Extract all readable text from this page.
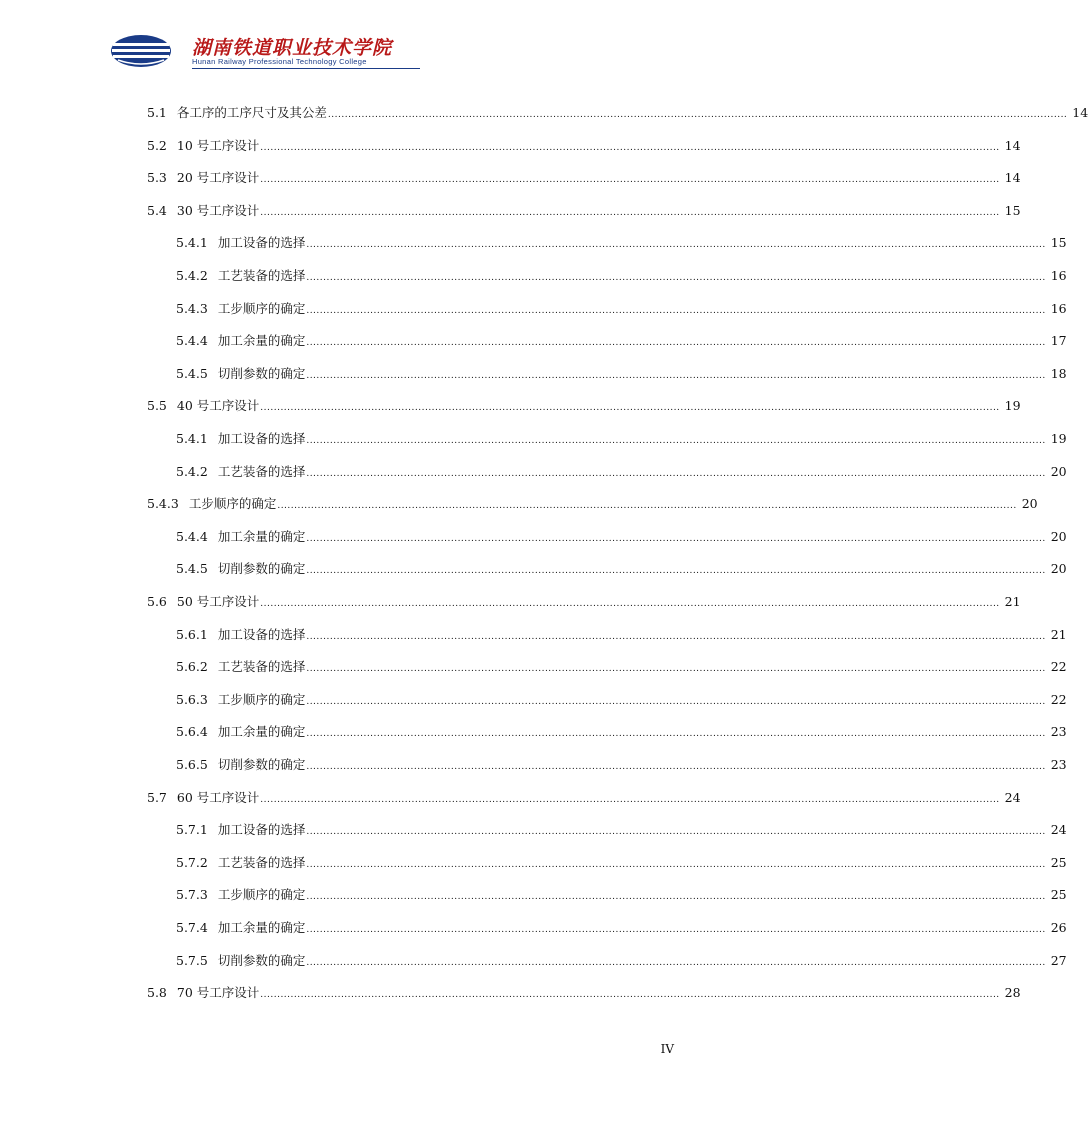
湖南铁道职业技术学院
Hunan Railway Professional Technology College
5.1 各工序的工序尺寸及其公差 ............................................................................................................................................................................................................................ 14
5.2 10 号工序设计 ............................................................................................................................................................................................................................ 14
5.3 20 号工序设计 ............................................................................................................................................................................................................................ 14
5.4 30 号工序设计 ............................................................................................................................................................................................................................ 15
5.4.1 加工设备的选择 ............................................................................................................................................................................................................................ 15
5.4.2 工艺装备的选择 ............................................................................................................................................................................................................................ 16
5.4.3 工步顺序的确定 ............................................................................................................................................................................................................................ 16
5.4.4 加工余量的确定 ............................................................................................................................................................................................................................ 17
5.4.5 切削参数的确定 ............................................................................................................................................................................................................................ 18
5.5 40 号工序设计 ............................................................................................................................................................................................................................ 19
5.4.1 加工设备的选择 ............................................................................................................................................................................................................................ 19
5.4.2 工艺装备的选择 ............................................................................................................................................................................................................................ 20
5.4.3 工步顺序的确定 ............................................................................................................................................................................................................................ 20
5.4.4 加工余量的确定 ............................................................................................................................................................................................................................ 20
5.4.5 切削参数的确定 ............................................................................................................................................................................................................................ 20
5.6 50 号工序设计 ............................................................................................................................................................................................................................ 21
5.6.1 加工设备的选择 ............................................................................................................................................................................................................................ 21
5.6.2 工艺装备的选择 ............................................................................................................................................................................................................................ 22
5.6.3 工步顺序的确定 ............................................................................................................................................................................................................................ 22
5.6.4 加工余量的确定 ............................................................................................................................................................................................................................ 23
5.6.5 切削参数的确定 ............................................................................................................................................................................................................................ 23
5.7 60 号工序设计 ............................................................................................................................................................................................................................ 24
5.7.1 加工设备的选择 ............................................................................................................................................................................................................................ 24
5.7.2 工艺装备的选择 ............................................................................................................................................................................................................................ 25
5.7.3 工步顺序的确定 ............................................................................................................................................................................................................................ 25
5.7.4 加工余量的确定 ............................................................................................................................................................................................................................ 26
5.7.5 切削参数的确定 ............................................................................................................................................................................................................................ 27
5.8 70 号工序设计 ............................................................................................................................................................................................................................ 28
IV
